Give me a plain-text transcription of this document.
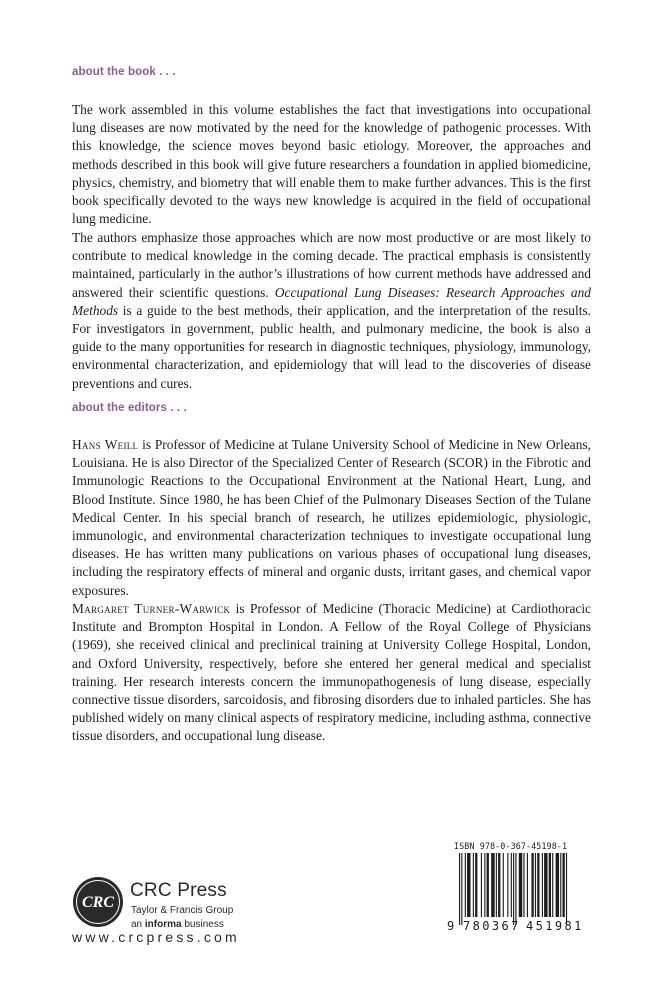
about the book . . .

The work assembled in this volume establishes the fact that investigations into occupational lung diseases are now motivated by the need for the knowledge of pathogenic processes. With this knowledge, the science moves beyond basic etiology. Moreover, the approaches and methods described in this book will give future researchers a foundation in applied biomedicine, physics, chemistry, and biometry that will enable them to make further advances. This is the first book specifically devoted to the ways new knowledge is acquired in the field of occupational lung medicine.

The authors emphasize those approaches which are now most productive or are most likely to contribute to medical knowledge in the coming decade. The practical emphasis is consistently maintained, particularly in the author’s illustrations of how current methods have addressed and answered their scientific questions. Occupational Lung Diseases: Research Approaches and Methods is a guide to the best methods, their application, and the interpretation of the results. For investigators in government, public health, and pulmonary medicine, the book is also a guide to the many opportunities for research in diagnostic techniques, physiology, immunology, environmental characterization, and epidemiology that will lead to the discoveries of disease preventions and cures.

about the editors . . .

Hans Weill is Professor of Medicine at Tulane University School of Medicine in New Orleans, Louisiana. He is also Director of the Specialized Center of Research (SCOR) in the Fibrotic and Immunologic Reactions to the Occupational Environment at the National Heart, Lung, and Blood Institute. Since 1980, he has been Chief of the Pulmonary Diseases Section of the Tulane Medical Center. In his special branch of research, he utilizes epidemiologic, physiologic, immunologic, and environmental characterization techniques to investigate occupational lung diseases. He has written many publications on various phases of occupational lung diseases, including the respiratory effects of mineral and organic dusts, irritant gases, and chemical vapor exposures.

Margaret Turner-Warwick is Professor of Medicine (Thoracic Medicine) at Cardiothoracic Institute and Brompton Hospital in London. A Fellow of the Royal College of Physicians (1969), she received clinical and preclinical training at University College Hospital, London, and Oxford University, respectively, before she entered her general medical and specialist training. Her research interests concern the immunopathogenesis of lung disease, especially connective tissue disorders, sarcoidosis, and fibrosing disorders due to inhaled particles. She has published widely on many clinical aspects of respiratory medicine, including asthma, connective tissue disorders, and occupational lung disease.

CRC
CRC Press
Taylor & Francis Group
an informa business
www.crcpress.com
ISBN 978-0-367-45198-1
9 780367 451981
